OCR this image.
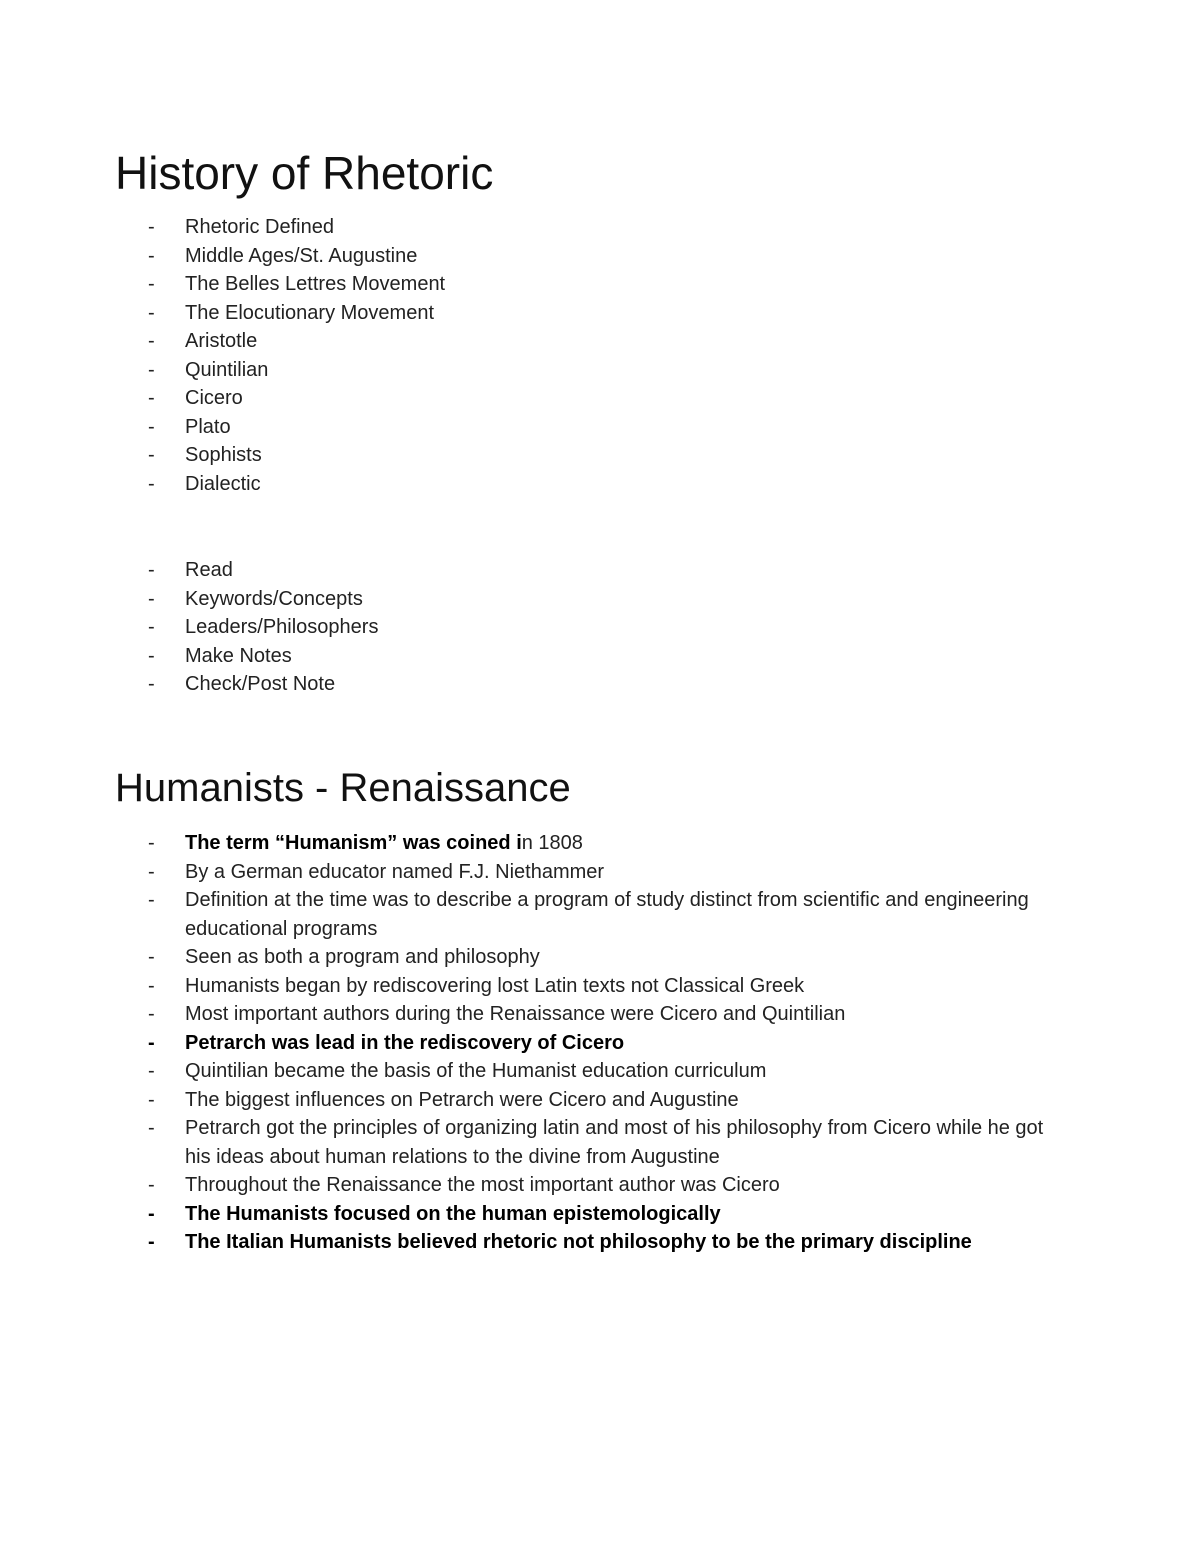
History of Rhetoric
- Rhetoric Defined
- Middle Ages/St. Augustine
- The Belles Lettres Movement
- The Elocutionary Movement
- Aristotle
- Quintilian
- Cicero
- Plato
- Sophists
- Dialectic
- Read
- Keywords/Concepts
- Leaders/Philosophers
- Make Notes
- Check/Post Note
Humanists - Renaissance
- The term “Humanism” was coined in 1808
- By a German educator named F.J. Niethammer
- Definition at the time was to describe a program of study distinct from scientific and engineering educational programs
- Seen as both a program and philosophy
- Humanists began by rediscovering lost Latin texts not Classical Greek
- Most important authors during the Renaissance were Cicero and Quintilian
- Petrarch was lead in the rediscovery of Cicero
- Quintilian became the basis of the Humanist education curriculum
- The biggest influences on Petrarch were Cicero and Augustine
- Petrarch got the principles of organizing latin and most of his philosophy from Cicero while he got his ideas about human relations to the divine from Augustine
- Throughout the Renaissance the most important author was Cicero
- The Humanists focused on the human epistemologically
- The Italian Humanists believed rhetoric not philosophy to be the primary discipline
